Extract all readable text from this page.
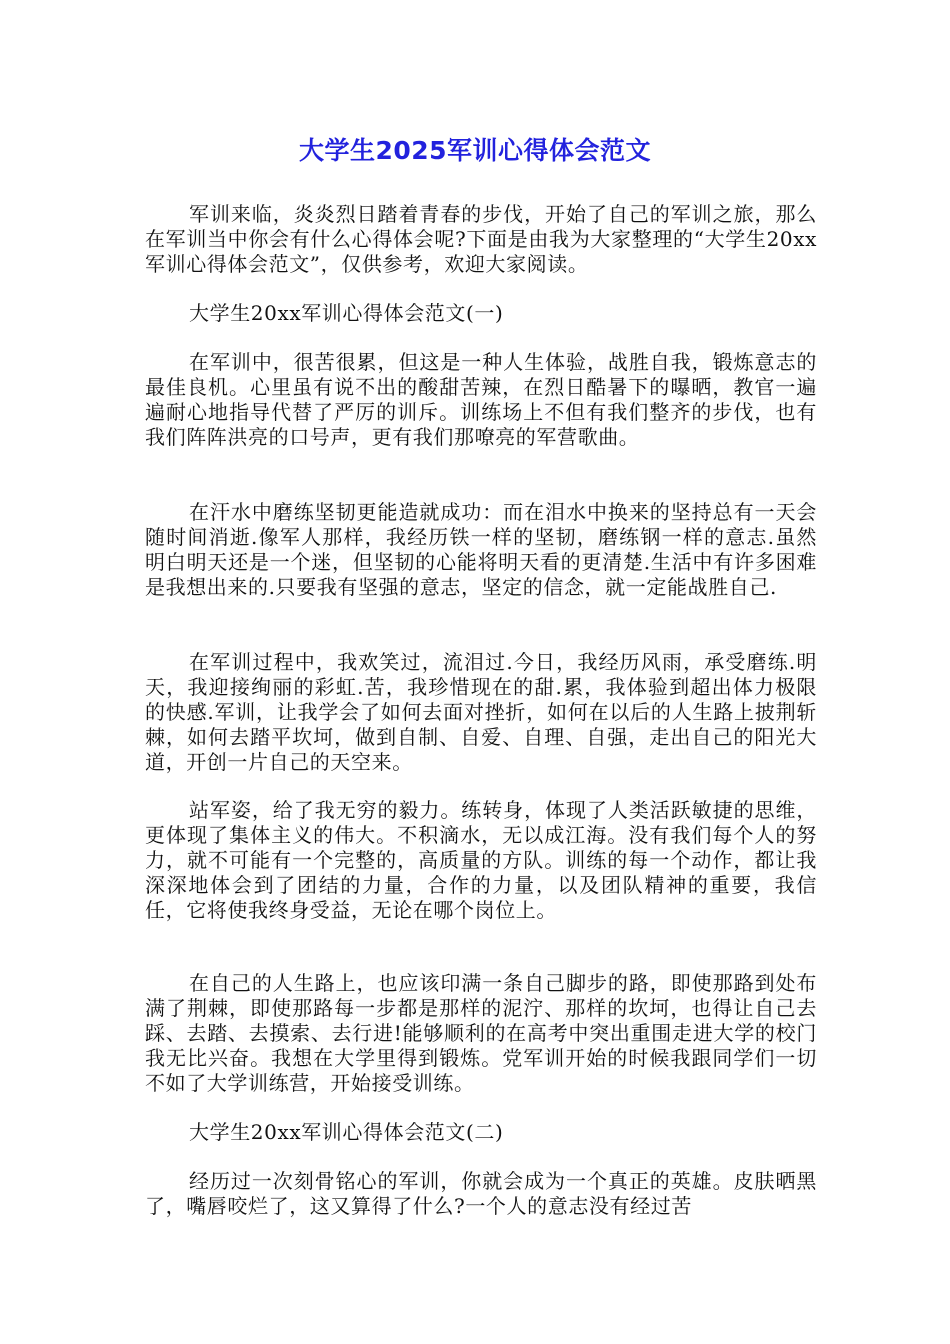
大学生2025军训心得体会范文

军训来临，炎炎烈日踏着青春的步伐，开始了自己的军训之旅，那么在军训当中你会有什么心得体会呢?下面是由我为大家整理的“大学生20xx军训心得体会范文”，仅供参考，欢迎大家阅读。

大学生20xx军训心得体会范文(一)

在军训中，很苦很累，但这是一种人生体验，战胜自我，锻炼意志的最佳良机。心里虽有说不出的酸甜苦辣，在烈日酷暑下的曝晒，教官一遍遍耐心地指导代替了严厉的训斥。训练场上不但有我们整齐的步伐，也有我们阵阵洪亮的口号声，更有我们那嘹亮的军营歌曲。

在汗水中磨练坚韧更能造就成功：而在泪水中换来的坚持总有一天会随时间消逝.像军人那样，我经历铁一样的坚韧，磨练钢一样的意志.虽然明白明天还是一个迷，但坚韧的心能将明天看的更清楚.生活中有许多困难是我想出来的.只要我有坚强的意志，坚定的信念，就一定能战胜自己.

在军训过程中，我欢笑过，流泪过.今日，我经历风雨，承受磨练.明天，我迎接绚丽的彩虹.苦，我珍惜现在的甜.累，我体验到超出体力极限的快感.军训，让我学会了如何去面对挫折，如何在以后的人生路上披荆斩棘，如何去踏平坎坷，做到自制、自爱、自理、自强，走出自己的阳光大道，开创一片自己的天空来。

站军姿，给了我无穷的毅力。练转身，体现了人类活跃敏捷的思维，更体现了集体主义的伟大。不积滴水，无以成江海。没有我们每个人的努力，就不可能有一个完整的，高质量的方队。训练的每一个动作，都让我深深地体会到了团结的力量，合作的力量，以及团队精神的重要，我信任，它将使我终身受益，无论在哪个岗位上。

在自己的人生路上，也应该印满一条自己脚步的路，即使那路到处布满了荆棘，即使那路每一步都是那样的泥泞、那样的坎坷，也得让自己去踩、去踏、去摸索、去行进!能够顺利的在高考中突出重围走进大学的校门我无比兴奋。我想在大学里得到锻炼。党军训开始的时候我跟同学们一切不如了大学训练营，开始接受训练。

大学生20xx军训心得体会范文(二)

经历过一次刻骨铭心的军训，你就会成为一个真正的英雄。皮肤晒黑了，嘴唇咬烂了，这又算得了什么?一个人的意志没有经过苦
